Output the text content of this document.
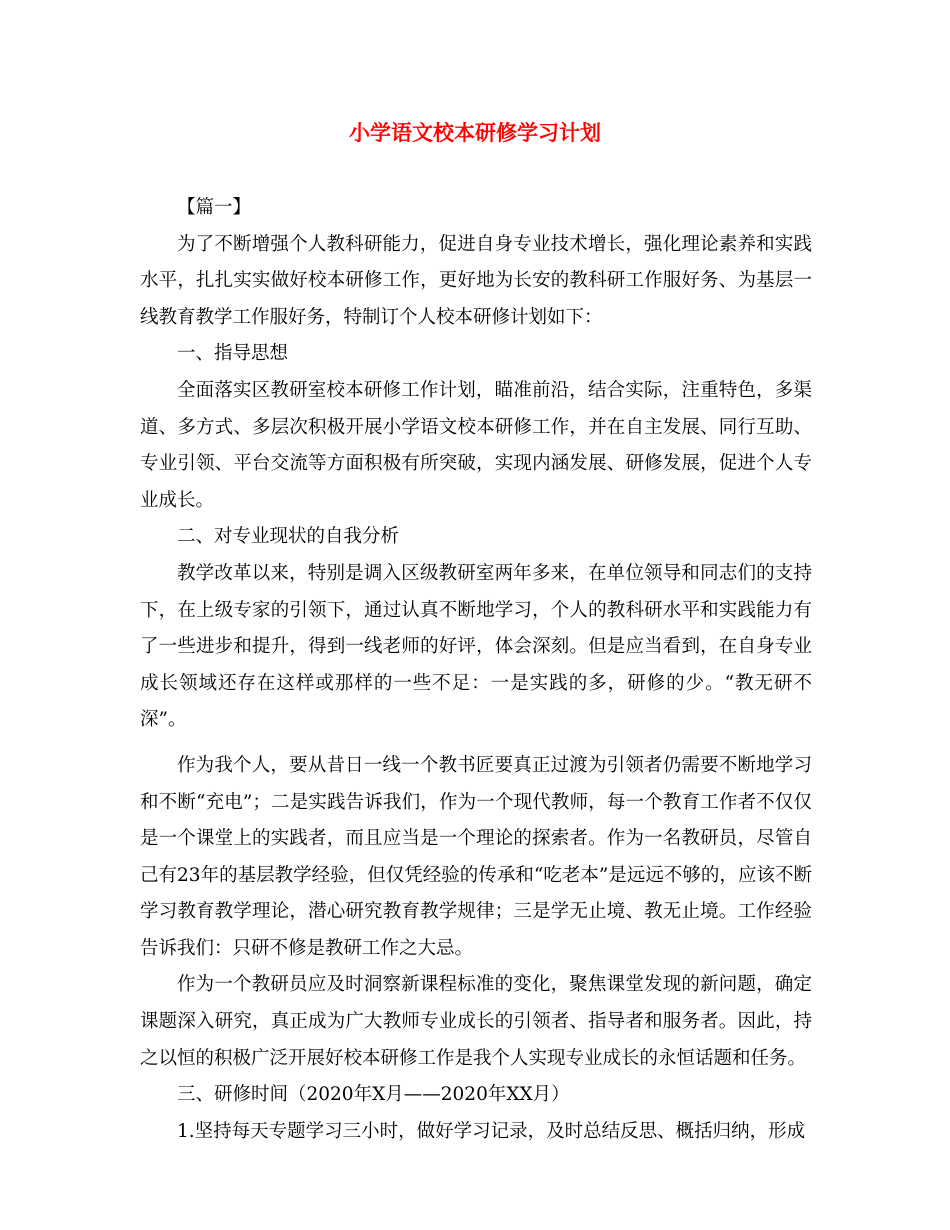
小学语文校本研修学习计划

【篇一】

为了不断增强个人教科研能力，促进自身专业技术增长，强化理论素养和实践水平，扎扎实实做好校本研修工作，更好地为长安的教科研工作服好务、为基层一线教育教学工作服好务，特制订个人校本研修计划如下：

一、指导思想

全面落实区教研室校本研修工作计划，瞄准前沿，结合实际，注重特色，多渠道、多方式、多层次积极开展小学语文校本研修工作，并在自主发展、同行互助、专业引领、平台交流等方面积极有所突破，实现内涵发展、研修发展，促进个人专业成长。

二、对专业现状的自我分析

教学改革以来，特别是调入区级教研室两年多来，在单位领导和同志们的支持下，在上级专家的引领下，通过认真不断地学习，个人的教科研水平和实践能力有了一些进步和提升，得到一线老师的好评，体会深刻。但是应当看到，在自身专业成长领域还存在这样或那样的一些不足：一是实践的多，研修的少。“教无研不深”。

作为我个人，要从昔日一线一个教书匠要真正过渡为引领者仍需要不断地学习和不断“充电”；二是实践告诉我们，作为一个现代教师，每一个教育工作者不仅仅是一个课堂上的实践者，而且应当是一个理论的探索者。作为一名教研员，尽管自己有23年的基层教学经验，但仅凭经验的传承和“吃老本”是远远不够的，应该不断学习教育教学理论，潜心研究教育教学规律；三是学无止境、教无止境。工作经验告诉我们：只研不修是教研工作之大忌。

作为一个教研员应及时洞察新课程标准的变化，聚焦课堂发现的新问题，确定课题深入研究，真正成为广大教师专业成长的引领者、指导者和服务者。因此，持之以恒的积极广泛开展好校本研修工作是我个人实现专业成长的永恒话题和任务。

三、研修时间（2020年X月——2020年XX月）

1.坚持每天专题学习三小时，做好学习记录，及时总结反思、概括归纳，形成
